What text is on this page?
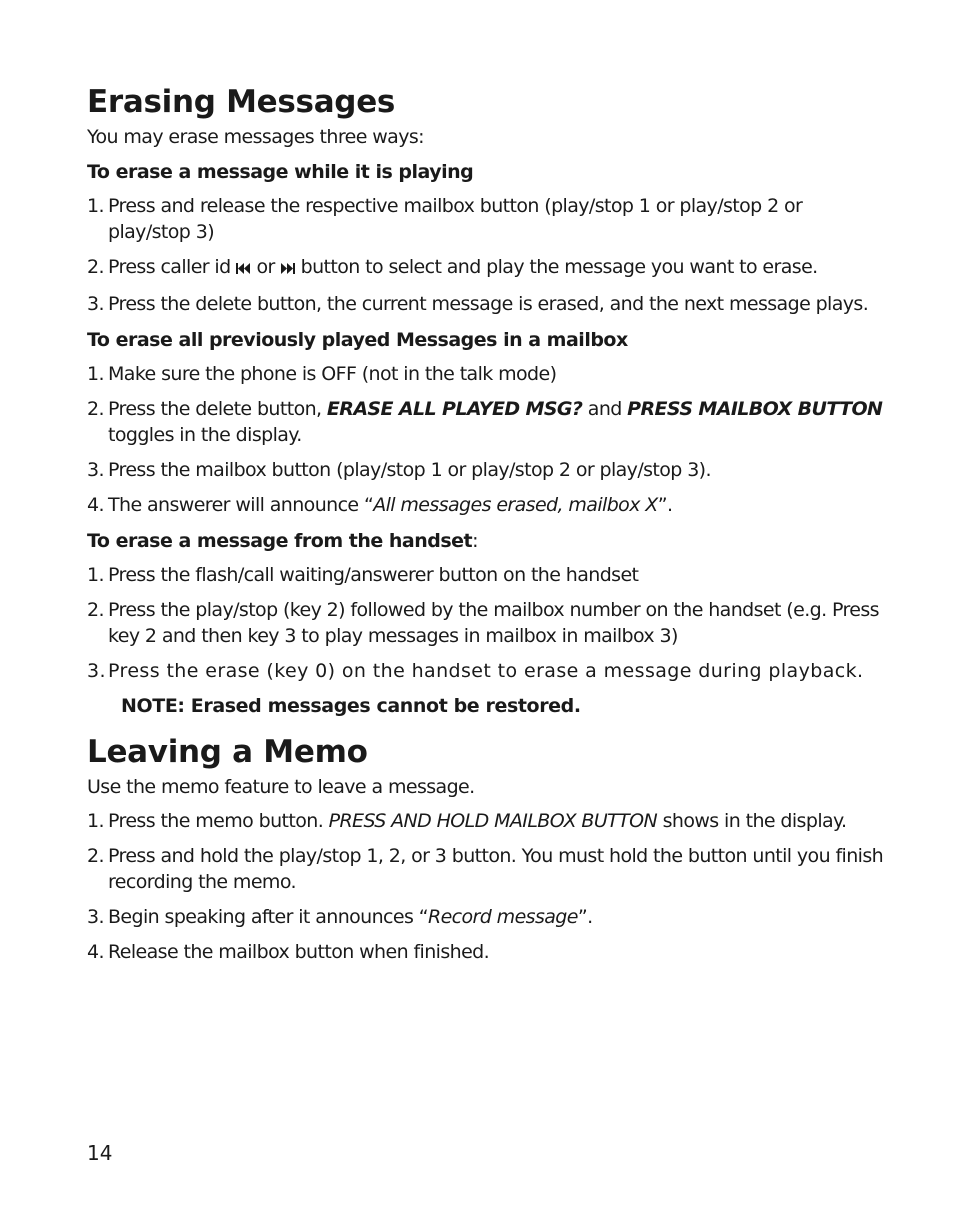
Erasing Messages

You may erase messages three ways:

To erase a message while it is playing

1. Press and release the respective mailbox button (play/stop 1 or play/stop 2 or play/stop 3)
2. Press caller id or button to select and play the message you want to erase.
3. Press the delete button, the current message is erased, and the next message plays.

To erase all previously played Messages in a mailbox

1. Make sure the phone is OFF (not in the talk mode)
2. Press the delete button, ERASE ALL PLAYED MSG? and PRESS MAILBOX BUTTON toggles in the display.
3. Press the mailbox button (play/stop 1 or play/stop 2 or play/stop 3).
4. The answerer will announce “All messages erased, mailbox X”.

To erase a message from the handset:

1. Press the flash/call waiting/answerer button on the handset
2. Press the play/stop (key 2) followed by the mailbox number on the handset (e.g. Press key 2 and then key 3 to play messages in mailbox in mailbox 3)
3. Press the erase (key 0) on the handset to erase a message during playback.

NOTE: Erased messages cannot be restored.

Leaving a Memo

Use the memo feature to leave a message.

1. Press the memo button. PRESS AND HOLD MAILBOX BUTTON shows in the display.
2. Press and hold the play/stop 1, 2, or 3 button. You must hold the button until you finish recording the memo.
3. Begin speaking after it announces “Record message”.
4. Release the mailbox button when finished.
14
